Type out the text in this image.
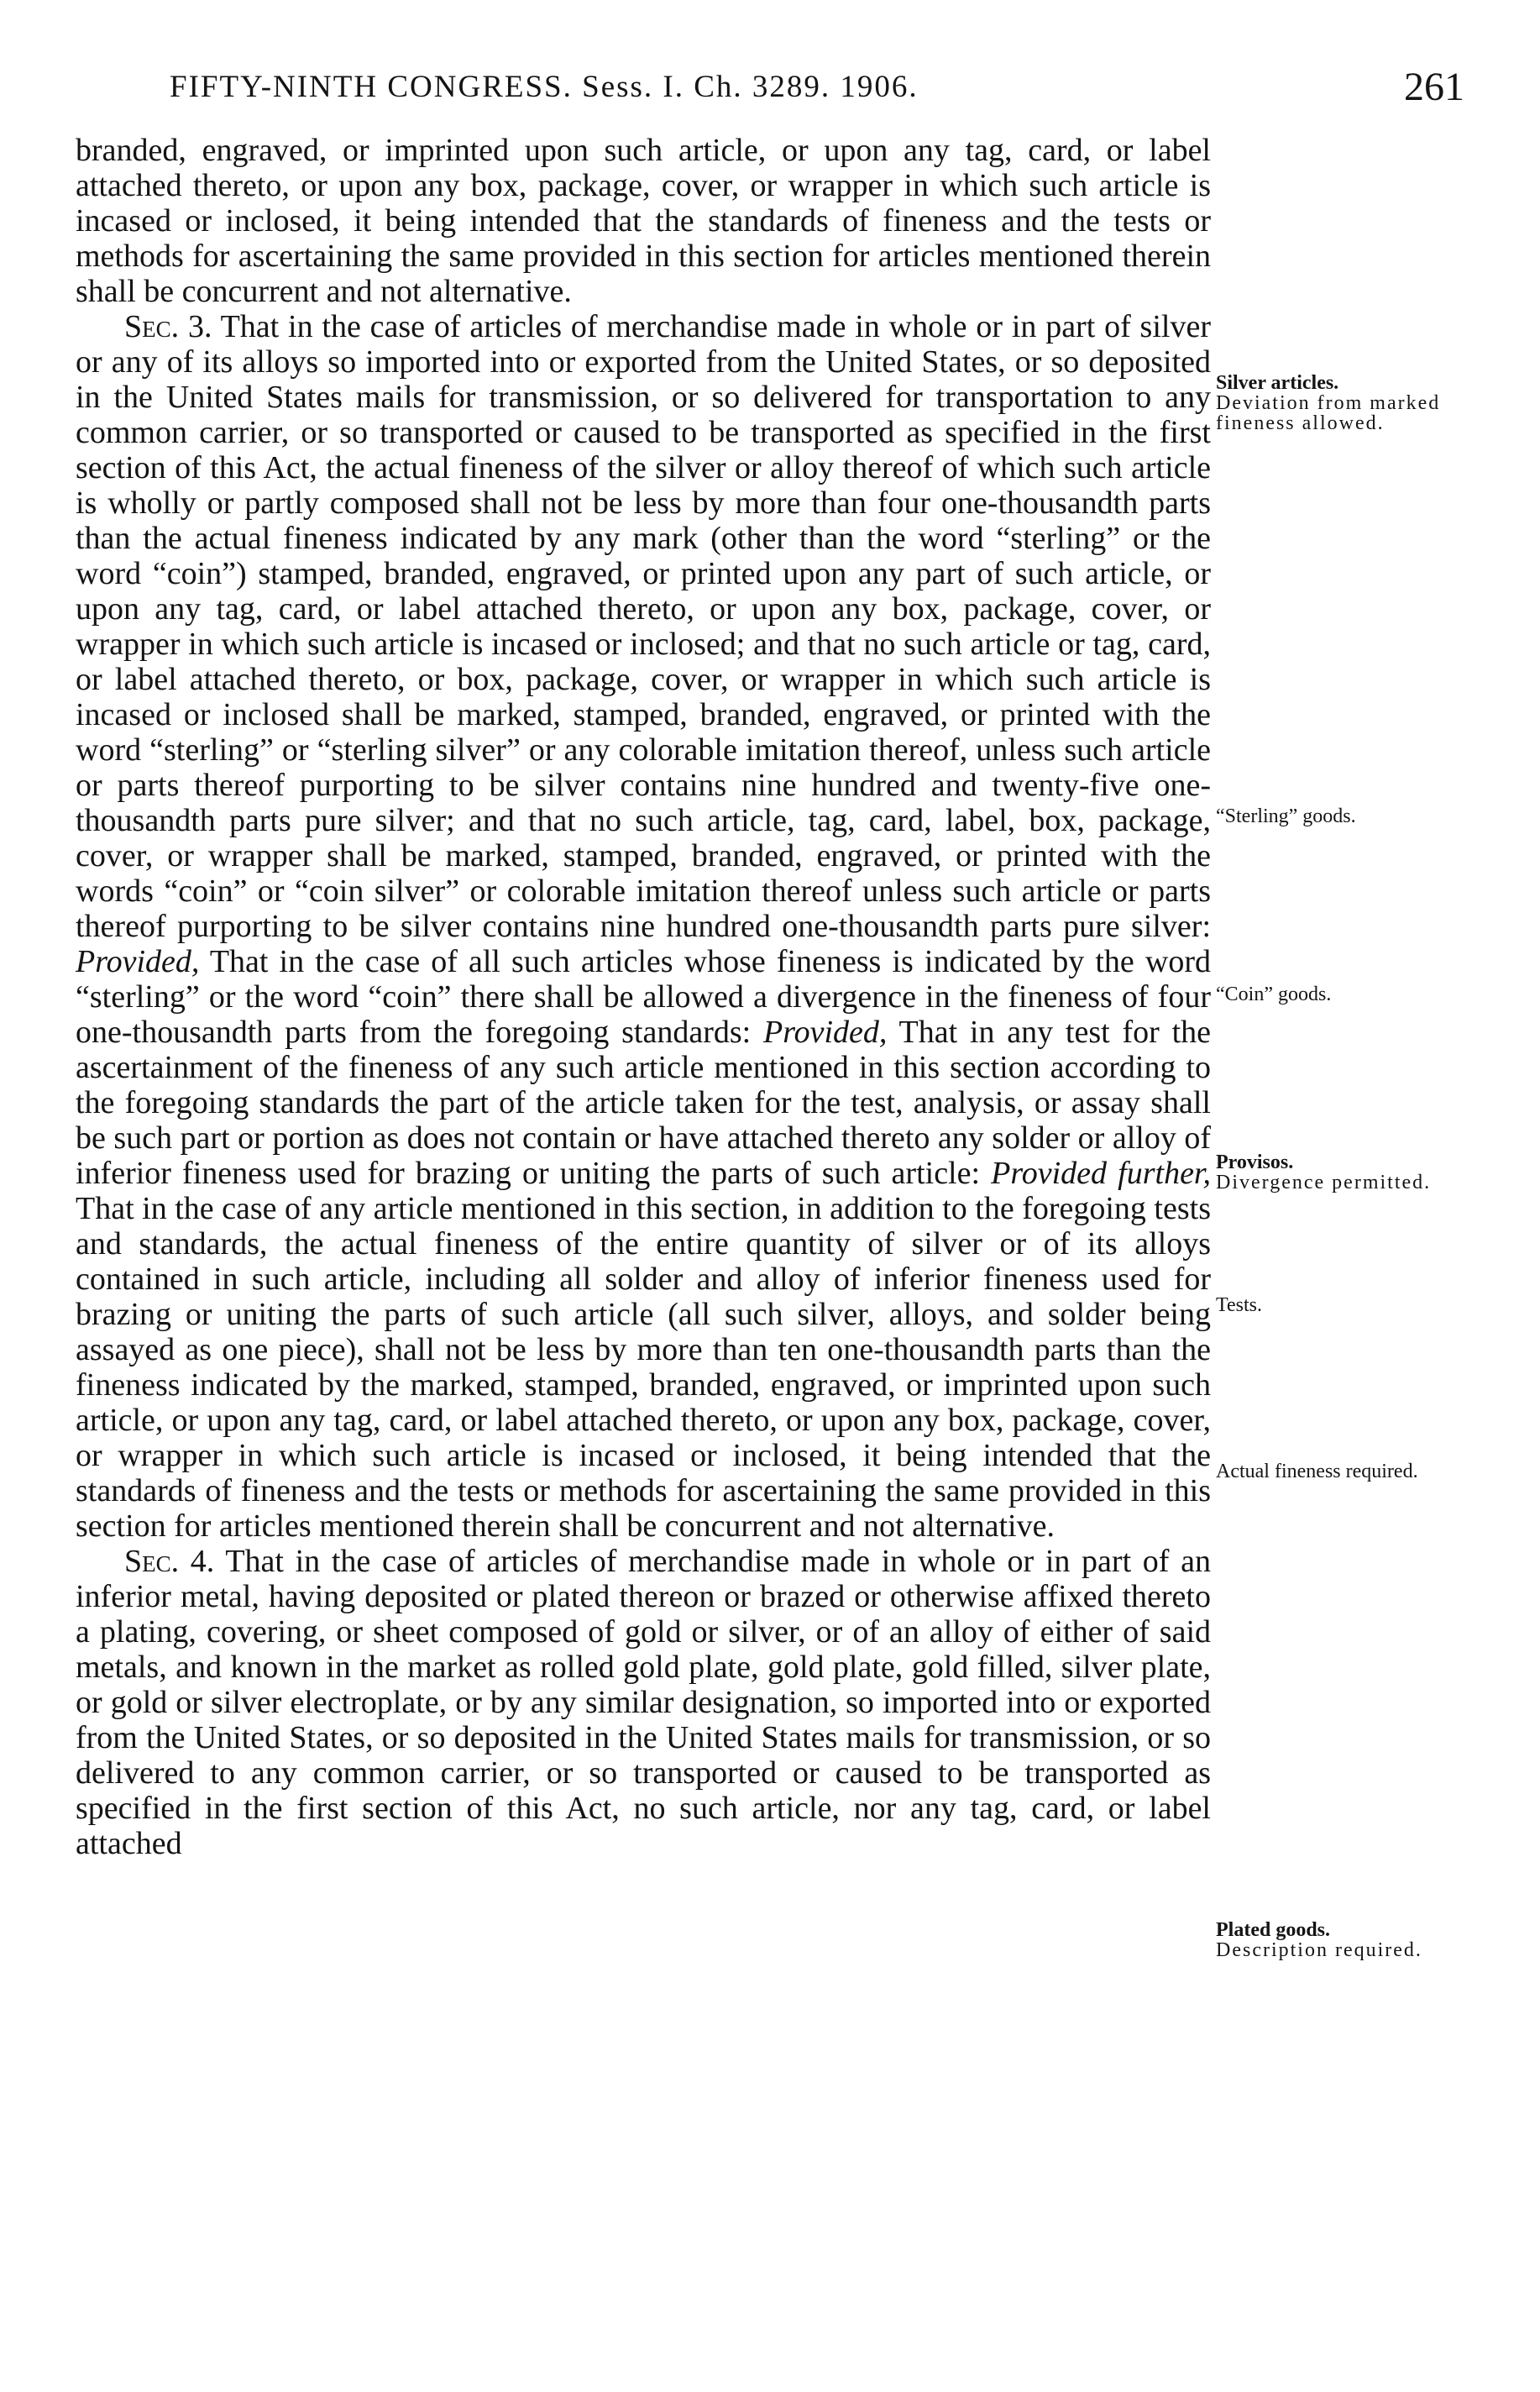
FIFTY-NINTH CONGRESS. Sess. I. Ch. 3289. 1906.	261

branded, engraved, or imprinted upon such article, or upon any tag, card, or label attached thereto, or upon any box, package, cover, or wrapper in which such article is incased or inclosed, it being intended that the standards of fineness and the tests or methods for ascertaining the same provided in this section for articles mentioned therein shall be concurrent and not alternative.

Sec. 3. That in the case of articles of merchandise made in whole or in part of silver or any of its alloys so imported into or exported from the United States, or so deposited in the United States mails for transmission, or so delivered for transportation to any common carrier, or so transported or caused to be transported as specified in the first section of this Act, the actual fineness of the silver or alloy thereof of which such article is wholly or partly composed shall not be less by more than four one-thousandth parts than the actual fineness indicated by any mark (other than the word “sterling” or the word “coin”) stamped, branded, engraved, or printed upon any part of such article, or upon any tag, card, or label attached thereto, or upon any box, package, cover, or wrapper in which such article is incased or inclosed; and that no such article or tag, card, or label attached thereto, or box, package, cover, or wrapper in which such article is incased or inclosed shall be marked, stamped, branded, engraved, or printed with the word “sterling” or “sterling silver” or any colorable imitation thereof, unless such article or parts thereof purporting to be silver contains nine hundred and twenty-five one-thousandth parts pure silver; and that no such article, tag, card, label, box, package, cover, or wrapper shall be marked, stamped, branded, engraved, or printed with the words “coin” or “coin silver” or colorable imitation thereof unless such article or parts thereof purporting to be silver contains nine hundred one-thousandth parts pure silver: Provided, That in the case of all such articles whose fineness is indicated by the word “sterling” or the word “coin” there shall be allowed a divergence in the fineness of four one-thousandth parts from the foregoing standards: Provided, That in any test for the ascertainment of the fineness of any such article mentioned in this section according to the foregoing standards the part of the article taken for the test, analysis, or assay shall be such part or portion as does not contain or have attached thereto any solder or alloy of inferior fineness used for brazing or uniting the parts of such article: Provided further, That in the case of any article mentioned in this section, in addition to the foregoing tests and standards, the actual fineness of the entire quantity of silver or of its alloys contained in such article, including all solder and alloy of inferior fineness used for brazing or uniting the parts of such article (all such silver, alloys, and solder being assayed as one piece), shall not be less by more than ten one-thousandth parts than the fineness indicated by the marked, stamped, branded, engraved, or imprinted upon such article, or upon any tag, card, or label attached thereto, or upon any box, package, cover, or wrapper in which such article is incased or inclosed, it being intended that the standards of fineness and the tests or methods for ascertaining the same provided in this section for articles mentioned therein shall be concurrent and not alternative.

Sec. 4. That in the case of articles of merchandise made in whole or in part of an inferior metal, having deposited or plated thereon or brazed or otherwise affixed thereto a plating, covering, or sheet composed of gold or silver, or of an alloy of either of said metals, and known in the market as rolled gold plate, gold plate, gold filled, silver plate, or gold or silver electroplate, or by any similar designation, so imported into or exported from the United States, or so deposited in the United States mails for transmission, or so delivered to any common carrier, or so transported or caused to be transported as specified in the first section of this Act, no such article, nor any tag, card, or label attached

Silver articles.
Deviation from marked fineness allowed.
“Sterling” goods.
“Coin” goods.
Provisos.
Divergence permitted.
Tests.
Actual fineness required.
Plated goods.
Description required.
